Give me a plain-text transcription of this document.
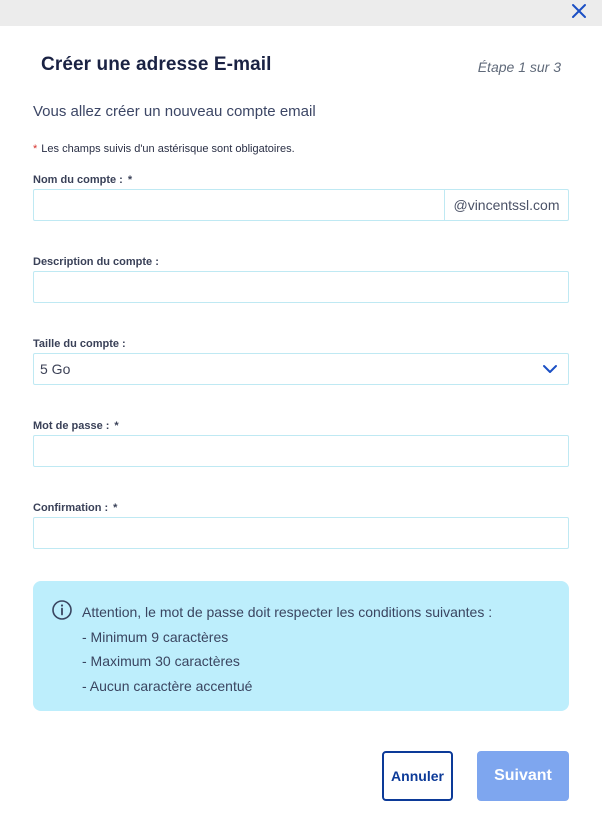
Créer une adresse E-mail	Étape 1 sur 3
Vous allez créer un nouveau compte email
* Les champs suivis d'un astérisque sont obligatoires.
Nom du compte : *
@vincentssl.com
Description du compte :
Taille du compte :
5 Go
Mot de passe : *
Confirmation : *
Attention, le mot de passe doit respecter les conditions suivantes :
- Minimum 9 caractères
- Maximum 30 caractères
- Aucun caractère accentué
Annuler	Suivant
